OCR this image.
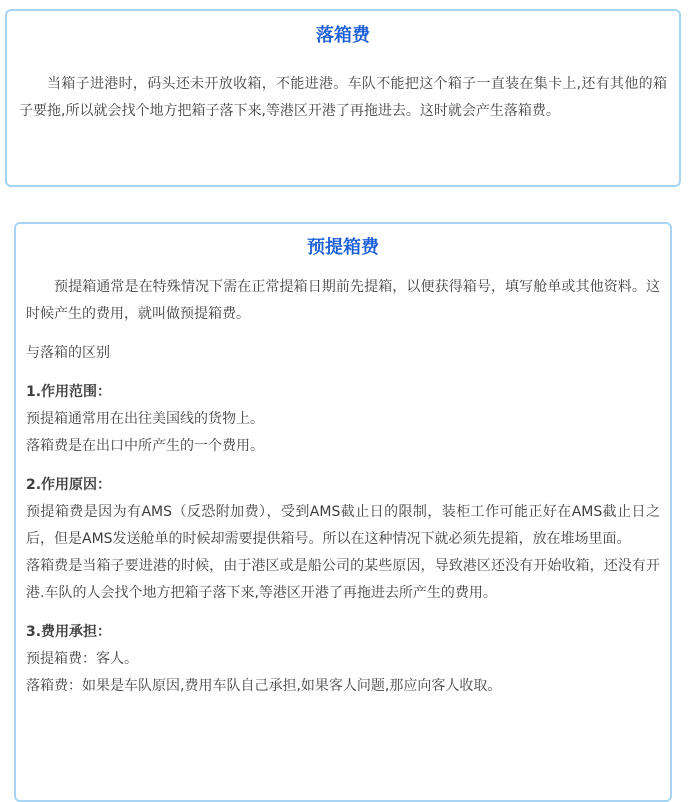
落箱费

当箱子进港时，码头还未开放收箱，不能进港。车队不能把这个箱子一直装在集卡上,还有其他的箱子要拖,所以就会找个地方把箱子落下来,等港区开港了再拖进去。这时就会产生落箱费。

预提箱费

预提箱通常是在特殊情况下需在正常提箱日期前先提箱，以便获得箱号，填写舱单或其他资料。这时候产生的费用，就叫做预提箱费。

与落箱的区别

1.作用范围：

预提箱通常用在出往美国线的货物上。

落箱费是在出口中所产生的一个费用。

2.作用原因：

预提箱费是因为有AMS（反恐附加费），受到AMS截止日的限制，装柜工作可能正好在AMS截止日之后，但是AMS发送舱单的时候却需要提供箱号。所以在这种情况下就必须先提箱，放在堆场里面。

落箱费是当箱子要进港的时候，由于港区或是船公司的某些原因，导致港区还没有开始收箱，还没有开港.车队的人会找个地方把箱子落下来,等港区开港了再拖进去所产生的费用。

3.费用承担：

预提箱费：客人。

落箱费：如果是车队原因,费用车队自己承担,如果客人问题,那应向客人收取。
